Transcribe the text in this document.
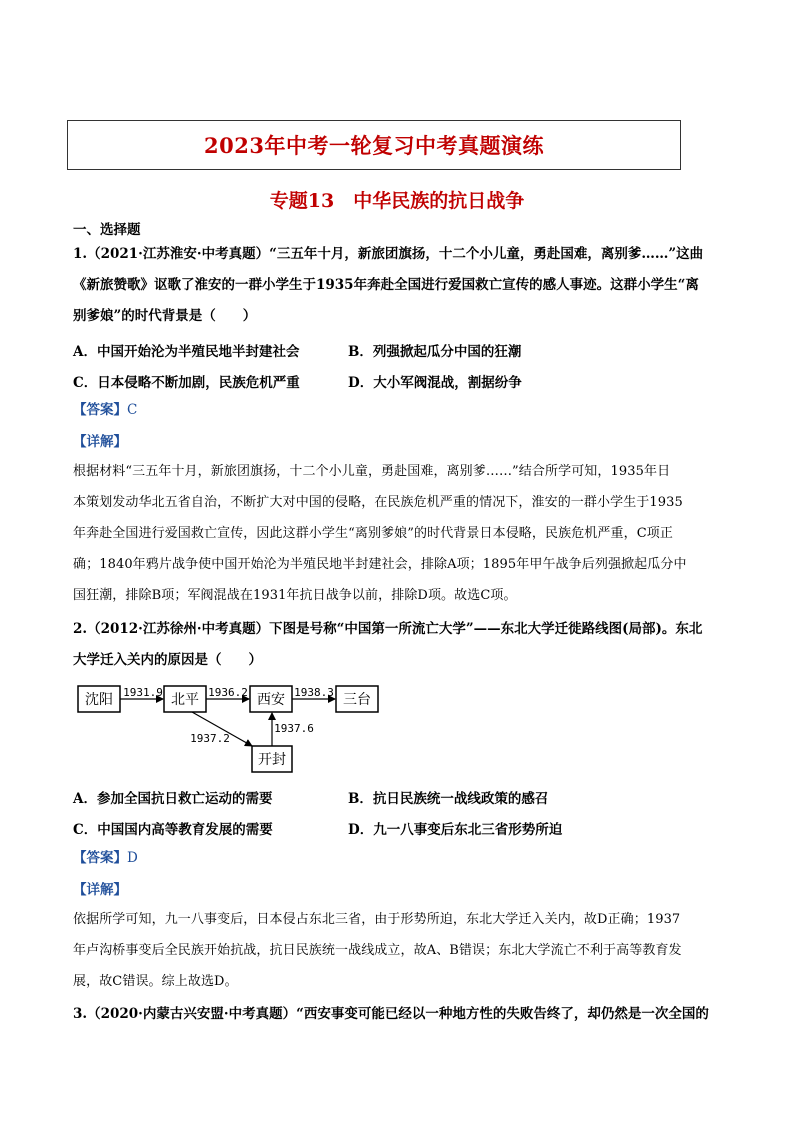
2023年中考一轮复习中考真题演练
专题13　中华民族的抗日战争
一、选择题
1.（2021·江苏淮安·中考真题）“三五年十月，新旅团旗扬，十二个小儿童，勇赴国难，离别爹……”这曲
《新旅赞歌》讴歌了淮安的一群小学生于1935年奔赴全国进行爱国救亡宣传的感人事迹。这群小学生“离
别爹娘”的时代背景是（　　）
A．中国开始沦为半殖民地半封建社会	B．列强掀起瓜分中国的狂潮
C．日本侵略不断加剧，民族危机严重	D．大小军阀混战，割据纷争
【答案】C
【详解】
根据材料“三五年十月，新旅团旗扬，十二个小儿童，勇赴国难，离别爹……”结合所学可知，1935年日
本策划发动华北五省自治，不断扩大对中国的侵略，在民族危机严重的情况下，淮安的一群小学生于1935
年奔赴全国进行爱国救亡宣传，因此这群小学生“离别爹娘”的时代背景日本侵略，民族危机严重，C项正
确；1840年鸦片战争使中国开始沦为半殖民地半封建社会，排除A项；1895年甲午战争后列强掀起瓜分中
国狂潮，排除B项；军阀混战在1931年抗日战争以前，排除D项。故选C项。
2.（2012·江苏徐州·中考真题）下图是号称“中国第一所流亡大学”——东北大学迁徙路线图(局部)。东北
大学迁入关内的原因是（　　）
沈阳	北平	西安	三台
开封
1931.9	1936.2	1938.3
1937.2
1937.6
A．参加全国抗日救亡运动的需要	B．抗日民族统一战线政策的感召
C．中国国内高等教育发展的需要	D．九一八事变后东北三省形势所迫
【答案】D
【详解】
依据所学可知，九一八事变后，日本侵占东北三省，由于形势所迫，东北大学迁入关内，故D正确；1937
年卢沟桥事变后全民族开始抗战，抗日民族统一战线成立，故A、B错误；东北大学流亡不利于高等教育发
展，故C错误。综上故选D。
3.（2020·内蒙古兴安盟·中考真题）“西安事变可能已经以一种地方性的失败告终了，却仍然是一次全国的
